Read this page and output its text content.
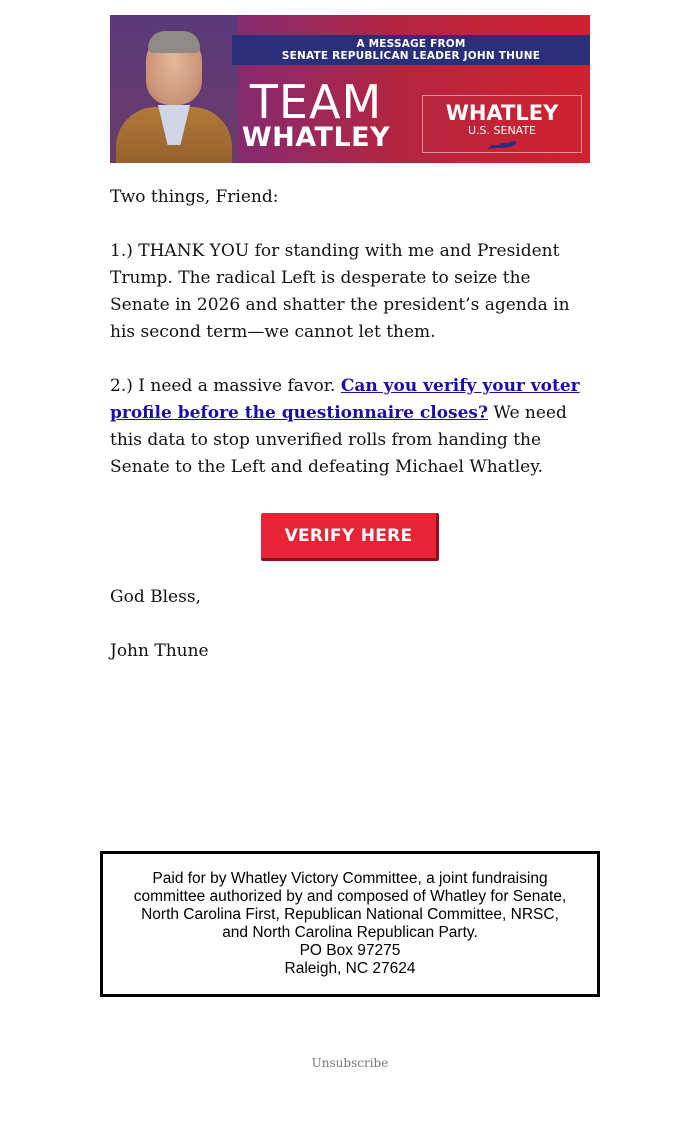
A MESSAGE FROM
SENATE REPUBLICAN LEADER JOHN THUNE
TEAM
WHATLEY
WHATLEY
U.S. SENATE

Two things, Friend:

1.) THANK YOU for standing with me and President Trump. The radical Left is desperate to seize the Senate in 2026 and shatter the president’s agenda in his second term—we cannot let them.

2.) I need a massive favor. Can you verify your voter profile before the questionnaire closes? We need this data to stop unverified rolls from handing the Senate to the Left and defeating Michael Whatley.

VERIFY HERE

God Bless,

John Thune

Paid for by Whatley Victory Committee, a joint fundraising
committee authorized by and composed of Whatley for Senate,
North Carolina First, Republican National Committee, NRSC,
and North Carolina Republican Party.
PO Box 97275
Raleigh, NC 27624
Unsubscribe
